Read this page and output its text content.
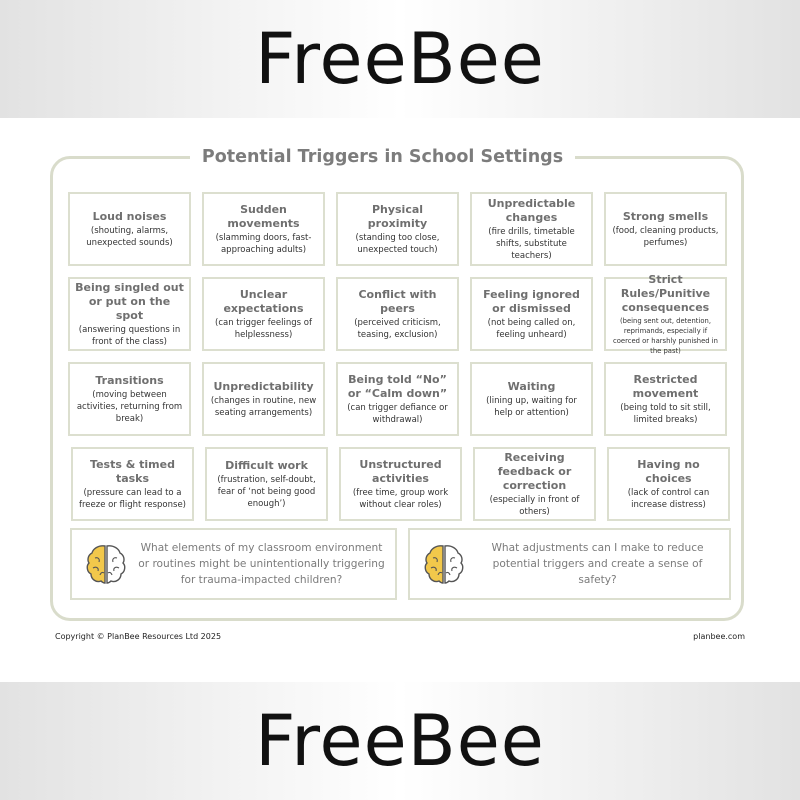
FreeBee
Potential Triggers in School Settings
Loud noises
(shouting, alarms, unexpected sounds)
Sudden movements
(slamming doors, fast-approaching adults)
Physical proximity
(standing too close, unexpected touch)
Unpredictable changes
(fire drills, timetable shifts, substitute teachers)
Strong smells
(food, cleaning products, perfumes)
Being singled out or put on the spot
(answering questions in front of the class)
Unclear expectations
(can trigger feelings of helplessness)
Conflict with peers
(perceived criticism, teasing, exclusion)
Feeling ignored or dismissed
(not being called on, feeling unheard)
Strict Rules/Punitive consequences
(being sent out, detention, reprimands, especially if coerced or harshly punished in the past)
Transitions
(moving between activities, returning from break)
Unpredictability
(changes in routine, new seating arrangements)
Being told “No” or “Calm down”
(can trigger defiance or withdrawal)
Waiting
(lining up, waiting for help or attention)
Restricted movement
(being told to sit still, limited breaks)
Tests & timed tasks
(pressure can lead to a freeze or flight response)
Difficult work
(frustration, self-doubt, fear of ‘not being good enough’)
Unstructured activities
(free time, group work without clear roles)
Receiving feedback or correction
(especially in front of others)
Having no choices
(lack of control can increase distress)
What elements of my classroom environment or routines might be unintentionally triggering for trauma-impacted children?
What adjustments can I make to reduce potential triggers and create a sense of safety?
Copyright © PlanBee Resources Ltd 2025	planbee.com
FreeBee
